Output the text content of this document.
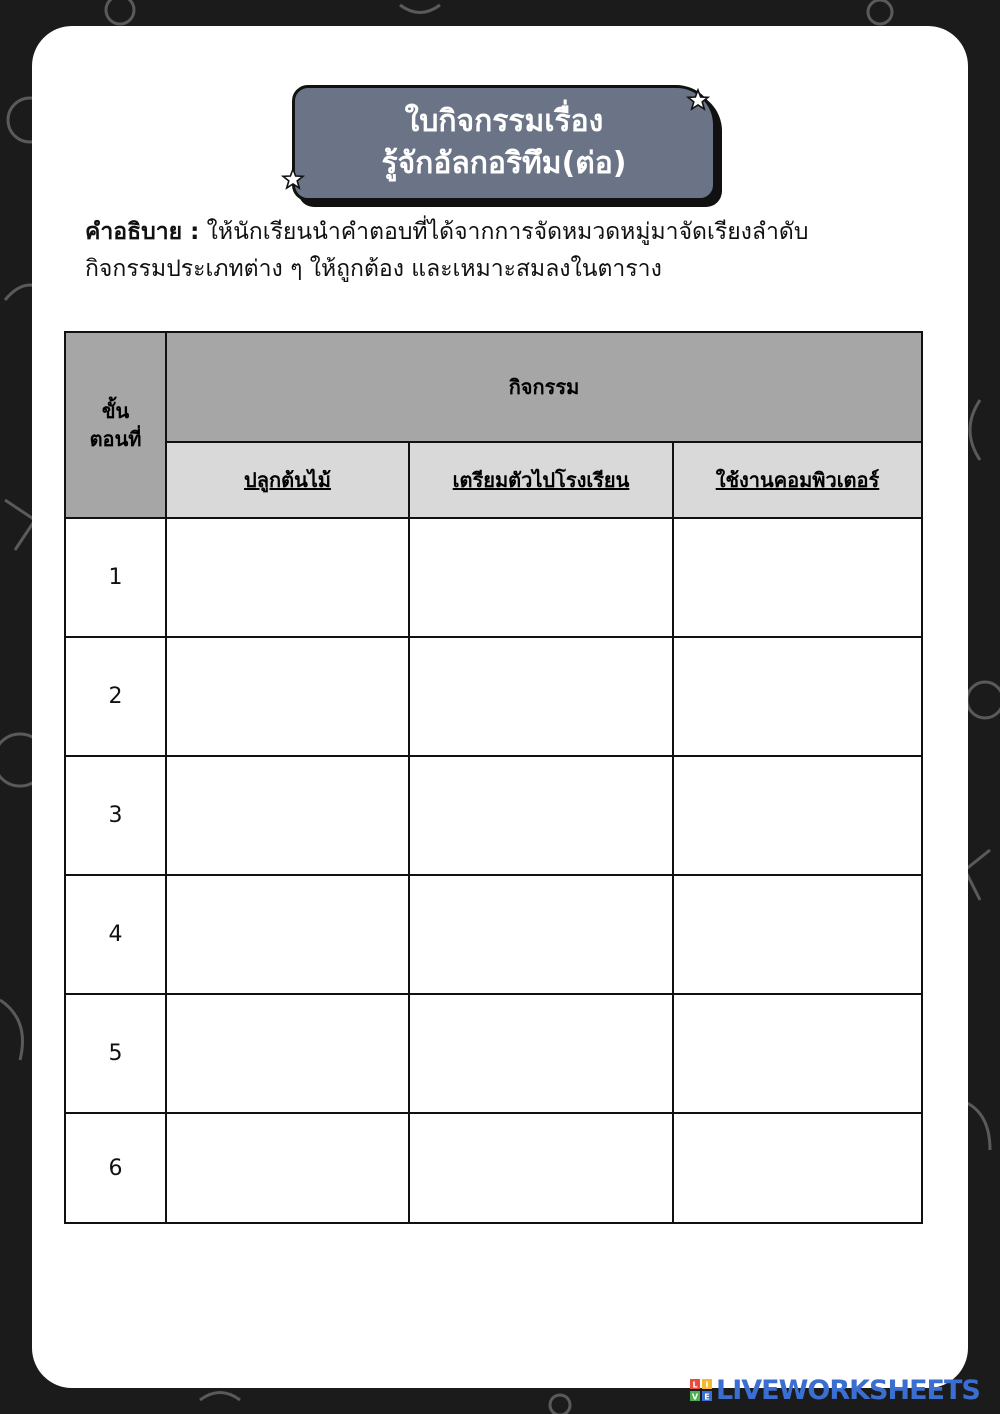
ใบกิจกรรมเรื่อง
รู้จักอัลกอริทึม(ต่อ)
คำอธิบาย : ให้นักเรียนนำคำตอบที่ได้จากการจัดหมวดหมู่มาจัดเรียงลำดับ
กิจกรรมประเภทต่าง ๆ ให้ถูกต้อง และเหมาะสมลงในตาราง
ขั้น
ตอนที่	กิจกรรม		
	ปลูกต้นไม้	เตรียมตัวไปโรงเรียน	ใช้งานคอมพิวเตอร์
1			
2			
3			
4			
5			
6			
L I
V E LIVEWORKSHEETS
